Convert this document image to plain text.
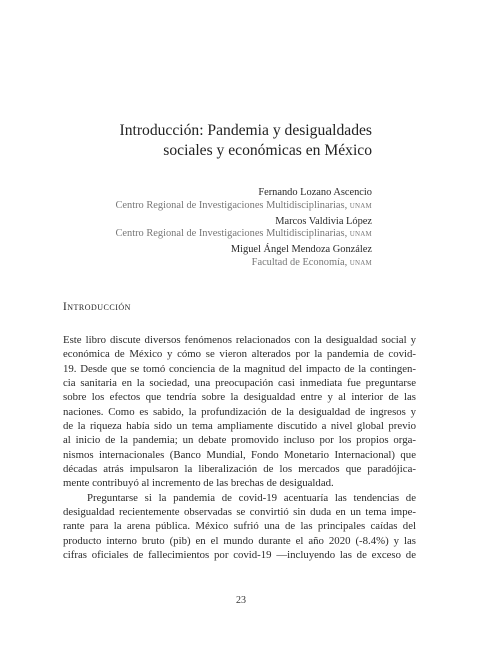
Introducción: Pandemia y desigualdades
sociales y económicas en México
Fernando Lozano Ascencio
Centro Regional de Investigaciones Multidisciplinarias, unam
Marcos Valdivia López
Centro Regional de Investigaciones Multidisciplinarias, unam
Miguel Ángel Mendoza González
Facultad de Economía, unam
Introducción
Este libro discute diversos fenómenos relacionados con la desigualdad social y
económica de México y cómo se vieron alterados por la pandemia de covid-
19. Desde que se tomó conciencia de la magnitud del impacto de la contingen-
cia sanitaria en la sociedad, una preocupación casi inmediata fue preguntarse
sobre los efectos que tendría sobre la desigualdad entre y al interior de las
naciones. Como es sabido, la profundización de la desigualdad de ingresos y
de la riqueza había sido un tema ampliamente discutido a nivel global previo
al inicio de la pandemia; un debate promovido incluso por los propios orga-
nismos internacionales (Banco Mundial, Fondo Monetario Internacional) que
décadas atrás impulsaron la liberalización de los mercados que paradójica-
mente contribuyó al incremento de las brechas de desigualdad.
Preguntarse si la pandemia de covid-19 acentuaría las tendencias de
desigualdad recientemente observadas se convirtió sin duda en un tema impe-
rante para la arena pública. México sufrió una de las principales caídas del
producto interno bruto (pib) en el mundo durante el año 2020 (-8.4%) y las
cifras oficiales de fallecimientos por covid-19 —incluyendo las de exceso de
23
